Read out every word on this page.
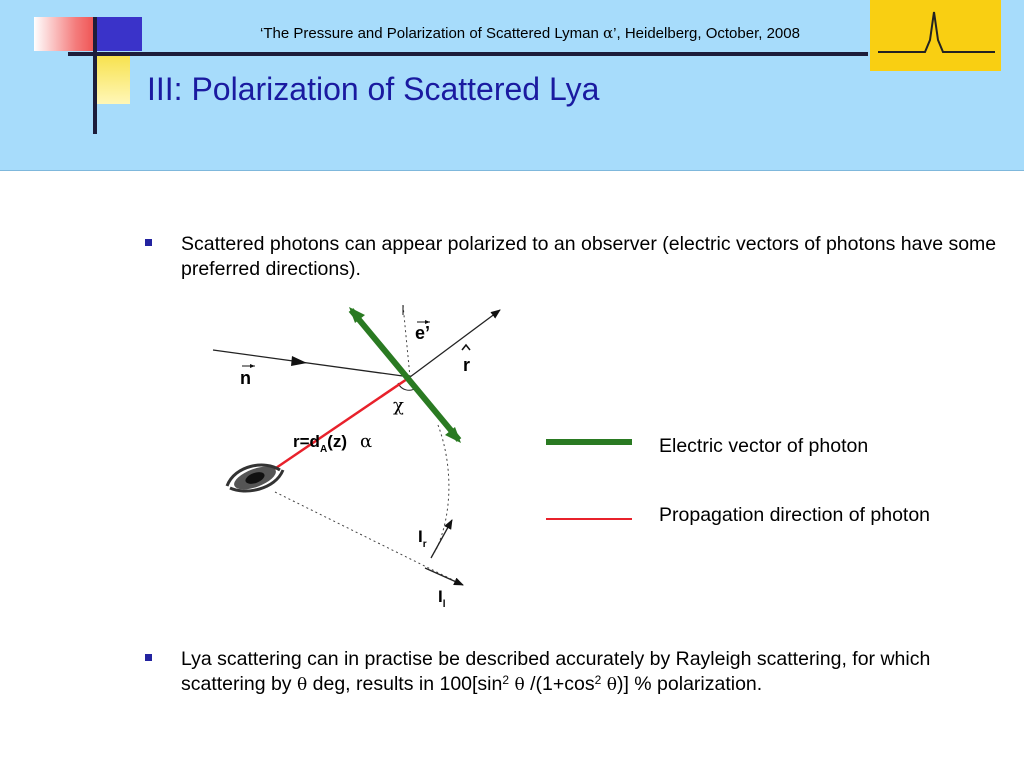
‘The Pressure and Polarization of Scattered Lyman α’, Heidelberg, October, 2008
III: Polarization of Scattered Lya
Scattered photons can appear polarized to an observer (electric vectors of photons have some preferred directions).
n
e’
r
χ
$r=d_A(z)$ α
$I_r$
$I_l$
Electric vector of photon
Propagation direction of photon
Lya scattering can in practise be described accurately by Rayleigh scattering, for which scattering by θ deg, results in $100[\sin^2$ θ $/(1+\cos^2$ θ)] % polarization.
